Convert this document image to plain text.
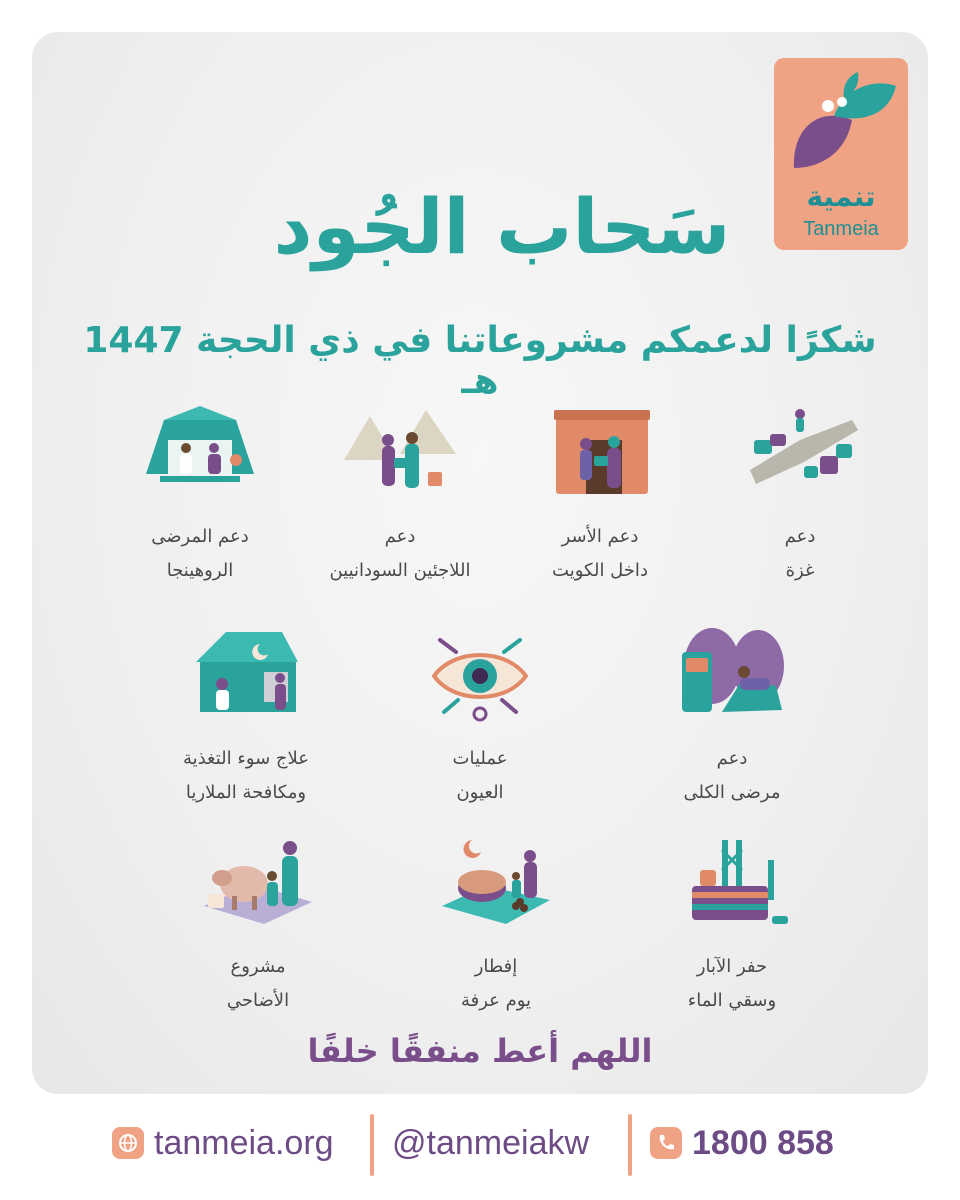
تنمية
Tanmeia
سَحاب الجُود
شكرًا لدعمكم مشروعاتنا في ذي الحجة 1447 هـ
دعم
غزة
دعم الأسر
داخل الكويت
دعم
اللاجئين السودانيين
دعم المرضى
الروهينجا
دعم
مرضى الكلى
عمليات
العيون
علاج سوء التغذية
ومكافحة الملاريا
حفر الآبار
وسقي الماء
إفطار
يوم عرفة
مشروع
الأضاحي
اللهم أعط منفقًا خلفًا
tanmeia.org @tanmeiakw	1800 858
